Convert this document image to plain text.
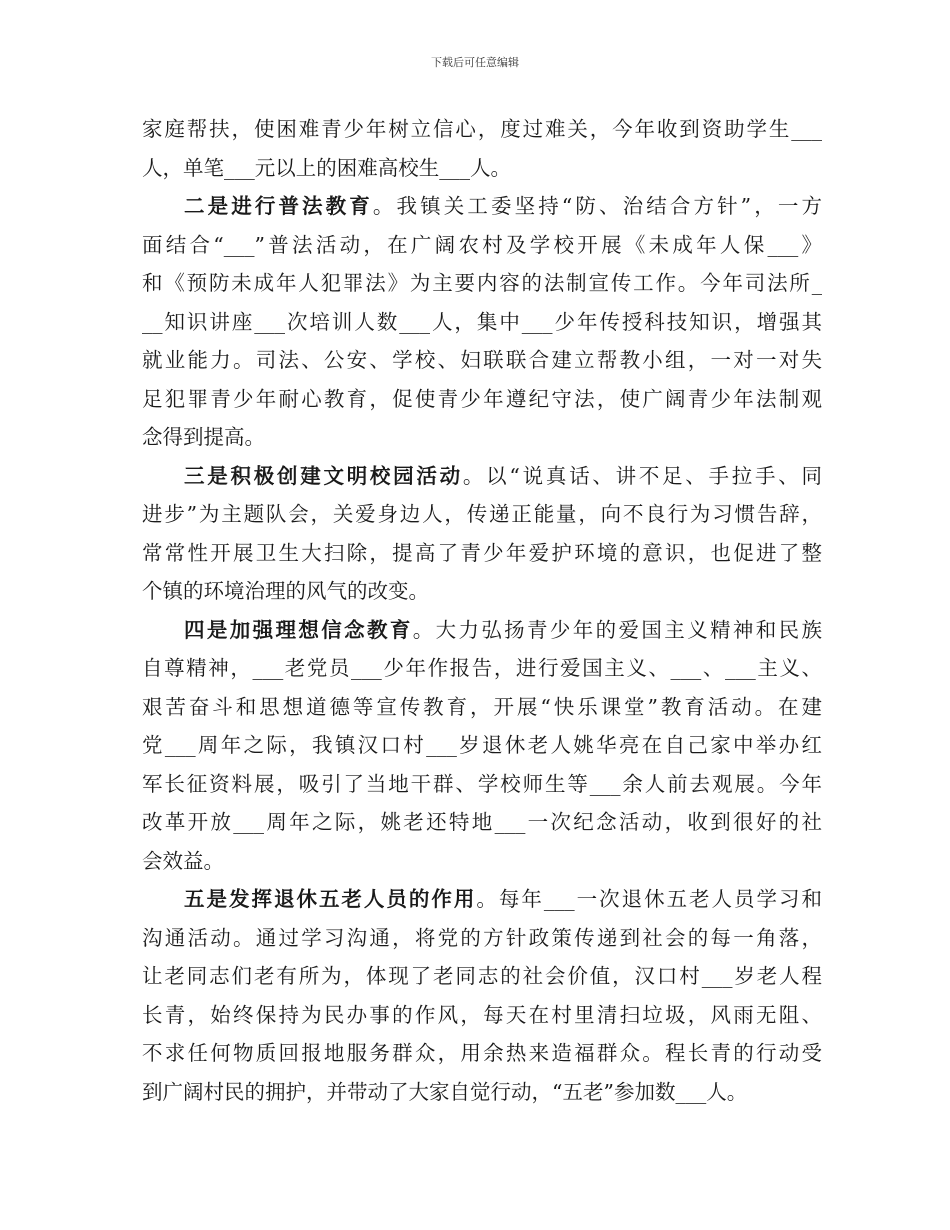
下载后可任意编辑
家庭帮扶，使困难青少年树立信心，度过难关，今年收到资助学生___
人，单笔___元以上的困难高校生___人。
二是进行普法教育。我镇关工委坚持“防、治结合方针”，一方
面结合“___”普法活动，在广阔农村及学校开展《未成年人保___》
和《预防未成年人犯罪法》为主要内容的法制宣传工作。今年司法所_
__知识讲座___次培训人数___人，集中___少年传授科技知识，增强其
就业能力。司法、公安、学校、妇联联合建立帮教小组，一对一对失
足犯罪青少年耐心教育，促使青少年遵纪守法，使广阔青少年法制观
念得到提高。
三是积极创建文明校园活动。以“说真话、讲不足、手拉手、同
进步”为主题队会，关爱身边人，传递正能量，向不良行为习惯告辞，
常常性开展卫生大扫除，提高了青少年爱护环境的意识，也促进了整
个镇的环境治理的风气的改变。
四是加强理想信念教育。大力弘扬青少年的爱国主义精神和民族
自尊精神，___老党员___少年作报告，进行爱国主义、___、___主义、
艰苦奋斗和思想道德等宣传教育，开展“快乐课堂”教育活动。在建
党___周年之际，我镇汉口村___岁退休老人姚华亮在自己家中举办红
军长征资料展，吸引了当地干群、学校师生等___余人前去观展。今年
改革开放___周年之际，姚老还特地___一次纪念活动，收到很好的社
会效益。
五是发挥退休五老人员的作用。每年___一次退休五老人员学习和
沟通活动。通过学习沟通，将党的方针政策传递到社会的每一角落，
让老同志们老有所为，体现了老同志的社会价值，汉口村___岁老人程
长青，始终保持为民办事的作风，每天在村里清扫垃圾，风雨无阻、
不求任何物质回报地服务群众，用余热来造福群众。程长青的行动受
到广阔村民的拥护，并带动了大家自觉行动，“五老”参加数___人。
